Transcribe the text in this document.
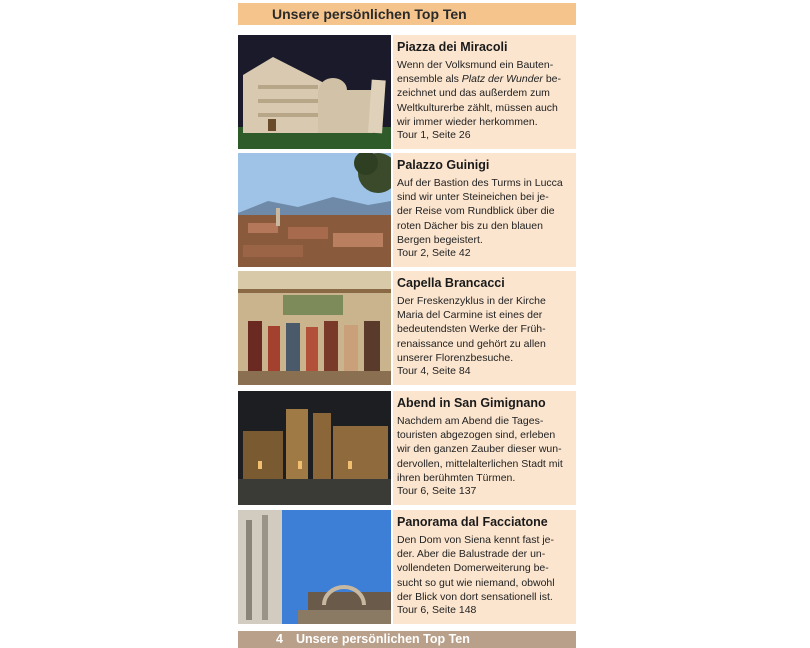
Unsere persönlichen Top Ten
Piazza dei Miracoli
Wenn der Volksmund ein Bauten-
ensemble als Platz der Wunder be-
zeichnet und das außerdem zum
Weltkulturerbe zählt, müssen auch
wir immer wieder herkommen.
Tour 1, Seite 26
Palazzo Guinigi
Auf der Bastion des Turms in Lucca
sind wir unter Steineichen bei je-
der Reise vom Rundblick über die
roten Dächer bis zu den blauen
Bergen begeistert.
Tour 2, Seite 42
Capella Brancacci
Der Freskenzyklus in der Kirche
Maria del Carmine ist eines der
bedeutendsten Werke der Früh-
renaissance und gehört zu allen
unserer Florenzbesuche.
Tour 4, Seite 84
Abend in San Gimignano
Nachdem am Abend die Tages-
touristen abgezogen sind, erleben
wir den ganzen Zauber dieser wun-
dervollen, mittelalterlichen Stadt mit
ihren berühmten Türmen.
Tour 6, Seite 137
Panorama dal Facciatone
Den Dom von Siena kennt fast je-
der. Aber die Balustrade der un-
vollendeten Domerweiterung be-
sucht so gut wie niemand, obwohl
der Blick von dort sensationell ist.
Tour 6, Seite 148
4 Unsere persönlichen Top Ten
